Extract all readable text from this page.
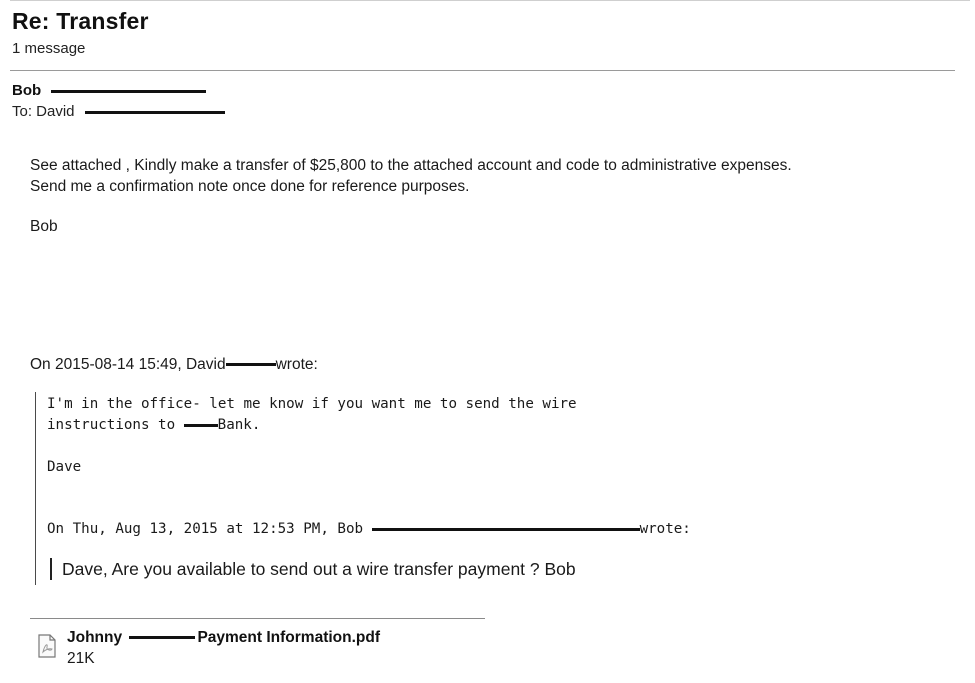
Re: Transfer
1 message
Bob
To: David
See attached , Kindly make a transfer of $25,800 to the attached account and code to administrative expenses.
Send me a confirmation note once done for reference purposes.
Bob
On 2015-08-14 15:49, David	wrote:
I'm in the office- let me know if you want me to send the wire
instructions to Bank.
Dave
On Thu, Aug 13, 2015 at 12:53 PM, Bob	wrote:
Dave, Are you available to send out a wire transfer payment ? Bob
Johnny	Payment Information.pdf
21K
